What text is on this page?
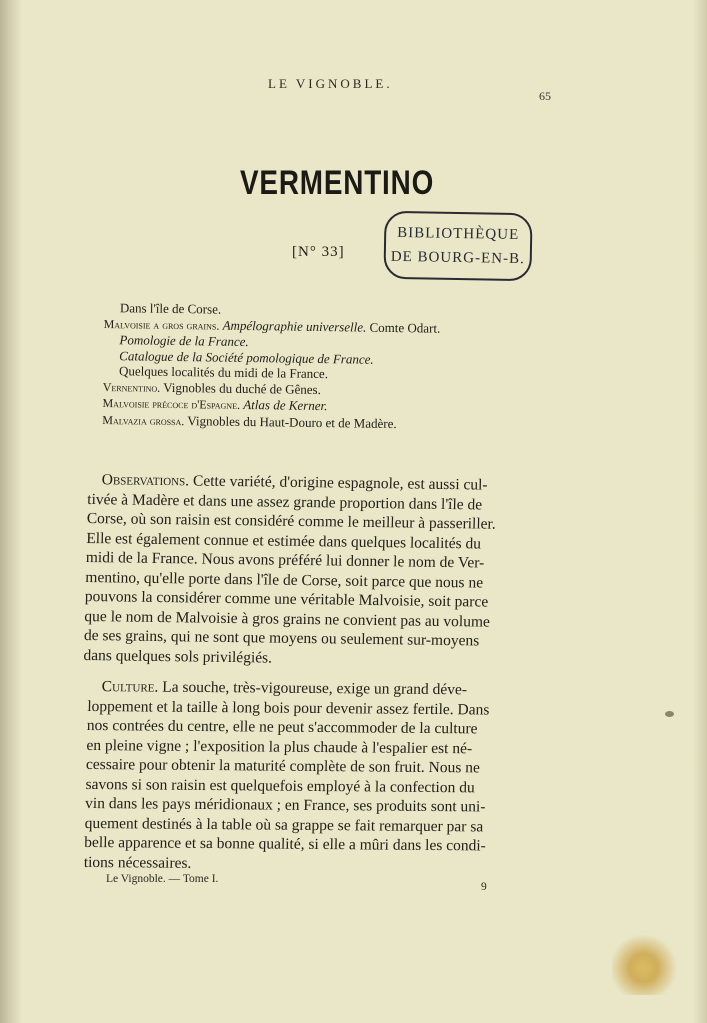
LE VIGNOBLE.
65
VERMENTINO
[N° 33]
BIBLIOTHÈQUE
DE BOURG-EN-B.
Dans l'île de Corse.
Malvoisie a gros grains. Ampélographie universelle. Comte Odart.
Pomologie de la France.
Catalogue de la Société pomologique de France.
Quelques localités du midi de la France.
Vernentino. Vignobles du duché de Gênes.
Malvoisie précoce d'Espagne. Atlas de Kerner.
Malvazia grossa. Vignobles du Haut-Douro et de Madère.
Observations. Cette variété, d'origine espagnole, est aussi cul-
tivée à Madère et dans une assez grande proportion dans l'île de
Corse, où son raisin est considéré comme le meilleur à passeriller.
Elle est également connue et estimée dans quelques localités du
midi de la France. Nous avons préféré lui donner le nom de Ver-
mentino, qu'elle porte dans l'île de Corse, soit parce que nous ne
pouvons la considérer comme une véritable Malvoisie, soit parce
que le nom de Malvoisie à gros grains ne convient pas au volume
de ses grains, qui ne sont que moyens ou seulement sur-moyens
dans quelques sols privilégiés.
Culture. La souche, très-vigoureuse, exige un grand déve-
loppement et la taille à long bois pour devenir assez fertile. Dans
nos contrées du centre, elle ne peut s'accommoder de la culture
en pleine vigne ; l'exposition la plus chaude à l'espalier est né-
cessaire pour obtenir la maturité complète de son fruit. Nous ne
savons si son raisin est quelquefois employé à la confection du
vin dans les pays méridionaux ; en France, ses produits sont uni-
quement destinés à la table où sa grappe se fait remarquer par sa
belle apparence et sa bonne qualité, si elle a mûri dans les condi-
tions nécessaires.
Le Vignoble. — Tome I.
9
